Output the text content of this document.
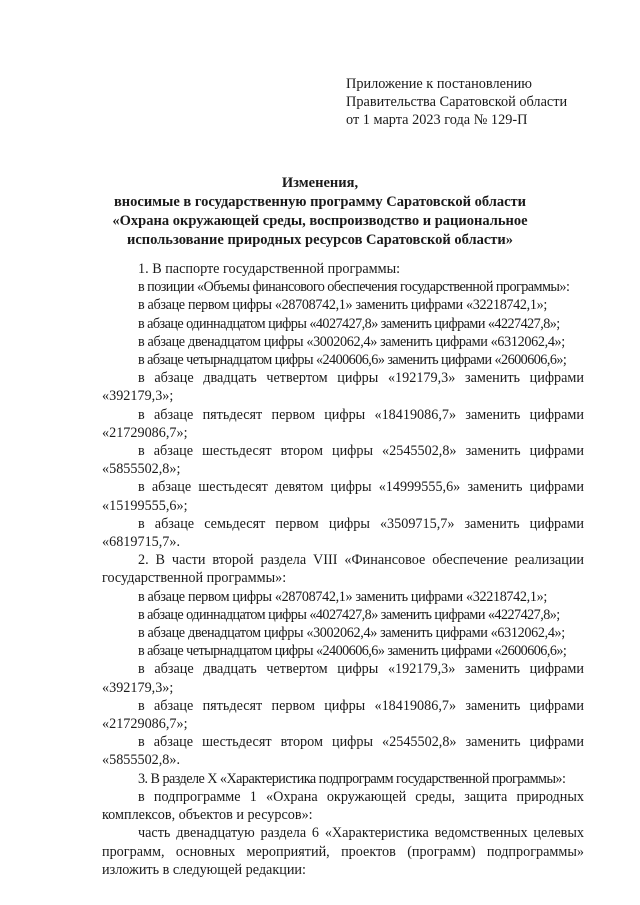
Приложение к постановлению
Правительства Саратовской области
от 1 марта 2023 года № 129-П
Изменения,
вносимые в государственную программу Саратовской области
«Охрана окружающей среды, воспроизводство и рациональное
использование природных ресурсов Саратовской области»

1. В паспорте государственной программы:

в позиции «Объемы финансового обеспечения государственной программы»:

в абзаце первом цифры «28708742,1» заменить цифрами «32218742,1»;

в абзаце одиннадцатом цифры «4027427,8» заменить цифрами «4227427,8»;

в абзаце двенадцатом цифры «3002062,4» заменить цифрами «6312062,4»;

в абзаце четырнадцатом цифры «2400606,6» заменить цифрами «2600606,6»;

в абзаце двадцать четвертом цифры «192179,3» заменить цифрами «392179,3»;

в абзаце пятьдесят первом цифры «18419086,7» заменить цифрами «21729086,7»;

в абзаце шестьдесят втором цифры «2545502,8» заменить цифрами «5855502,8»;

в абзаце шестьдесят девятом цифры «14999555,6» заменить цифрами «15199555,6»;

в абзаце семьдесят первом цифры «3509715,7» заменить цифрами «6819715,7».

2. В части второй раздела VIII «Финансовое обеспечение реализации государственной программы»:

в абзаце первом цифры «28708742,1» заменить цифрами «32218742,1»;

в абзаце одиннадцатом цифры «4027427,8» заменить цифрами «4227427,8»;

в абзаце двенадцатом цифры «3002062,4» заменить цифрами «6312062,4»;

в абзаце четырнадцатом цифры «2400606,6» заменить цифрами «2600606,6»;

в абзаце двадцать четвертом цифры «192179,3» заменить цифрами «392179,3»;

в абзаце пятьдесят первом цифры «18419086,7» заменить цифрами «21729086,7»;

в абзаце шестьдесят втором цифры «2545502,8» заменить цифрами «5855502,8».

3. В разделе X «Характеристика подпрограмм государственной программы»:

в подпрограмме 1 «Охрана окружающей среды, защита природных комплексов, объектов и ресурсов»:

часть двенадцатую раздела 6 «Характеристика ведомственных целевых программ, основных мероприятий, проектов (программ) подпрограммы» изложить в следующей редакции:
